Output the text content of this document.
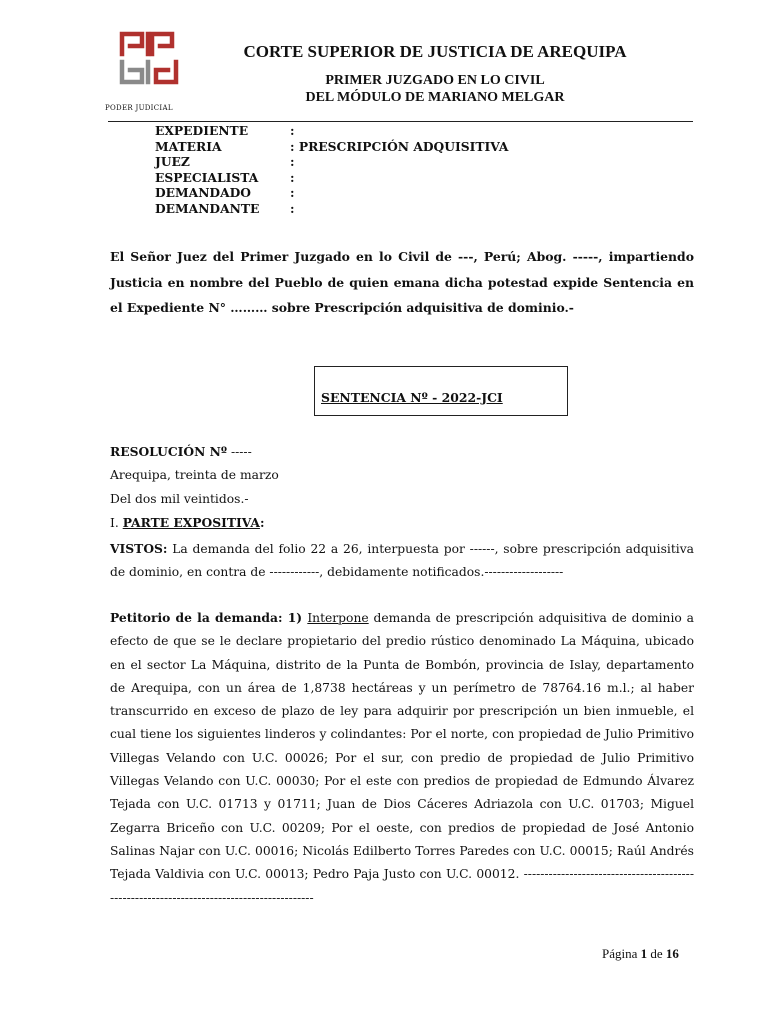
PODER JUDICIAL
CORTE SUPERIOR DE JUSTICIA DE AREQUIPA
PRIMER JUZGADO EN LO CIVIL
DEL MÓDULO DE MARIANO MELGAR
EXPEDIENTE	:
MATERIA	: PRESCRIPCIÓN ADQUISITIVA
JUEZ	:
ESPECIALISTA	:
DEMANDADO	:
DEMANDANTE	:
El Señor Juez del Primer Juzgado en lo Civil de ---, Perú; Abog. -----, impartiendo Justicia en nombre del Pueblo de quien emana dicha potestad expide Sentencia en el Expediente N° ……… sobre Prescripción adquisitiva de dominio.-
SENTENCIA Nº - 2022-JCI
RESOLUCIÓN Nº -----
Arequipa, treinta de marzo
Del dos mil veintidos.-
I. PARTE EXPOSITIVA:
VISTOS: La demanda del folio 22 a 26, interpuesta por ------, sobre prescripción adquisitiva de dominio, en contra de ------------, debidamente notificados.-------------------
Petitorio de la demanda: 1) Interpone demanda de prescripción adquisitiva de dominio a efecto de que se le declare propietario del predio rústico denominado La Máquina, ubicado en el sector La Máquina, distrito de la Punta de Bombón, provincia de Islay, departamento de Arequipa, con un área de 1,8738 hectáreas y un perímetro de 78764.16 m.l.; al haber transcurrido en exceso de plazo de ley para adquirir por prescripción un bien inmueble, el cual tiene los siguientes linderos y colindantes: Por el norte, con propiedad de Julio Primitivo Villegas Velando con U.C. 00026; Por el sur, con predio de propiedad de Julio Primitivo Villegas Velando con U.C. 00030; Por el este con predios de propiedad de Edmundo Álvarez Tejada con U.C. 01713 y 01711; Juan de Dios Cáceres Adriazola con U.C. 01703; Miguel Zegarra Briceño con U.C. 00209; Por el oeste, con predios de propiedad de José Antonio Salinas Najar con U.C. 00016; Nicolás Edilberto Torres Paredes con U.C. 00015; Raúl Andrés Tejada Valdivia con U.C. 00013; Pedro Paja Justo con U.C. 00012. ------------------------------------------------------------------------------------------
Página 1 de 16
